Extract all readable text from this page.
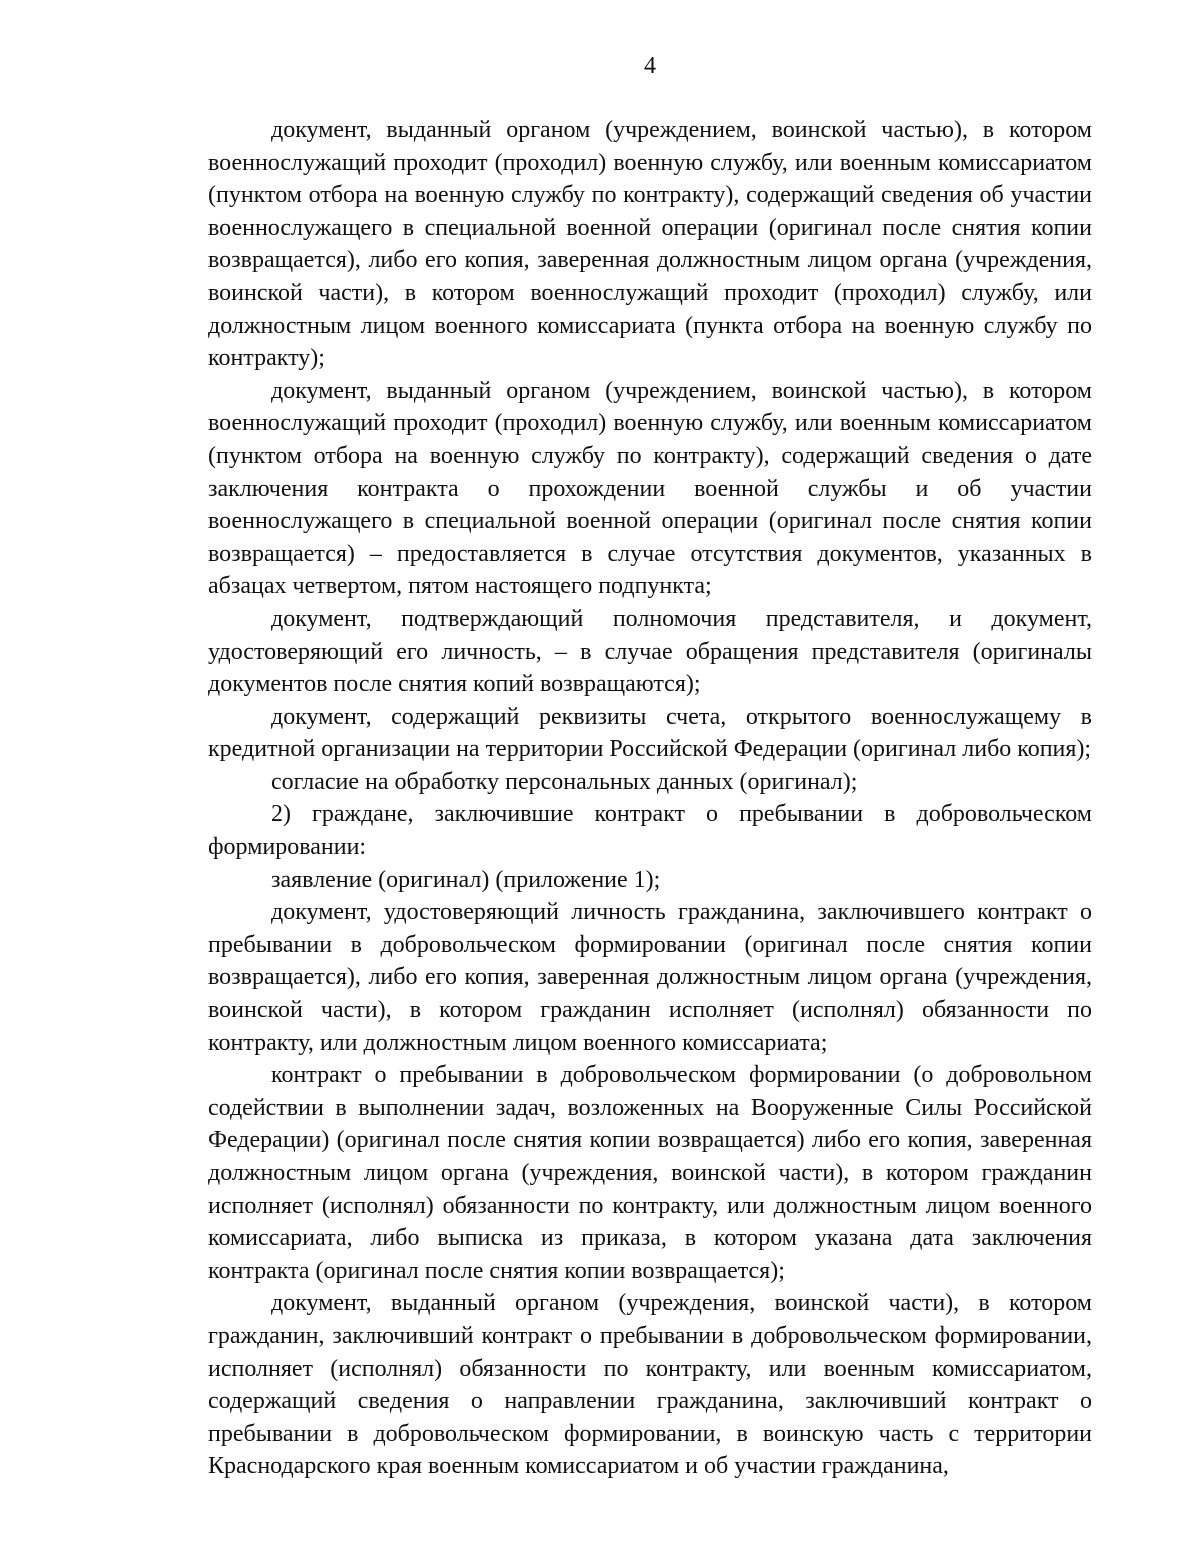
4

документ, выданный органом (учреждением, воинской частью), в котором военнослужащий проходит (проходил) военную службу, или военным комиссариатом (пунктом отбора на военную службу по контракту), содержащий сведения об участии военнослужащего в специальной военной операции (оригинал после снятия копии возвращается), либо его копия, заверенная должностным лицом органа (учреждения, воинской части), в котором военнослужащий проходит (проходил) службу, или должностным лицом военного комиссариата (пункта отбора на военную службу по контракту);

документ, выданный органом (учреждением, воинской частью), в котором военнослужащий проходит (проходил) военную службу, или военным комиссариатом (пунктом отбора на военную службу по контракту), содержащий сведения о дате заключения контракта о прохождении военной службы и об участии военнослужащего в специальной военной операции (оригинал после снятия копии возвращается) – предоставляется в случае отсутствия документов, указанных в абзацах четвертом, пятом настоящего подпункта;

документ, подтверждающий полномочия представителя, и документ, удостоверяющий его личность, – в случае обращения представителя (оригиналы документов после снятия копий возвращаются);

документ, содержащий реквизиты счета, открытого военнослужащему в кредитной организации на территории Российской Федерации (оригинал либо копия);

согласие на обработку персональных данных (оригинал);

2) граждане, заключившие контракт о пребывании в добровольческом формировании:

заявление (оригинал) (приложение 1);

документ, удостоверяющий личность гражданина, заключившего контракт о пребывании в добровольческом формировании (оригинал после снятия копии возвращается), либо его копия, заверенная должностным лицом органа (учреждения, воинской части), в котором гражданин исполняет (исполнял) обязанности по контракту, или должностным лицом военного комиссариата;

контракт о пребывании в добровольческом формировании (о добровольном содействии в выполнении задач, возложенных на Вооруженные Силы Российской Федерации) (оригинал после снятия копии возвращается) либо его копия, заверенная должностным лицом органа (учреждения, воинской части), в котором гражданин исполняет (исполнял) обязанности по контракту, или должностным лицом военного комиссариата, либо выписка из приказа, в котором указана дата заключения контракта (оригинал после снятия копии возвращается);

документ, выданный органом (учреждения, воинской части), в котором гражданин, заключивший контракт о пребывании в добровольческом формировании, исполняет (исполнял) обязанности по контракту, или военным комиссариатом, содержащий сведения о направлении гражданина, заключивший контракт о пребывании в добровольческом формировании, в воинскую часть с территории Краснодарского края военным комиссариатом и об участии гражданина,
